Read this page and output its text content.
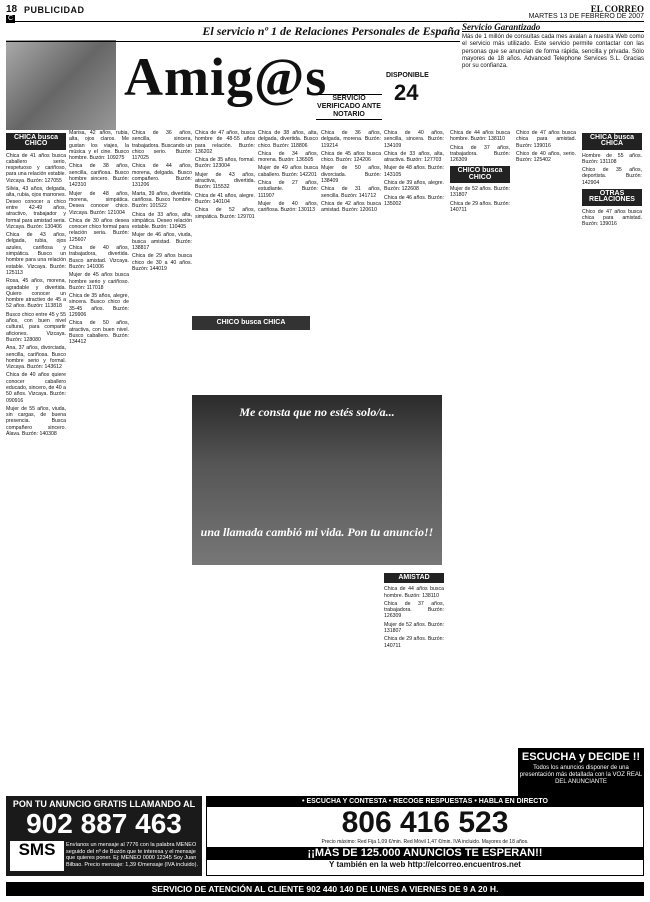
18 PUBLICIDAD
C
EL CORREO
MARTES 13 DE FEBRERO DE 2007
El servicio nº 1 de Relaciones Personales de España
Amig@s SERVICIO VERIFICADO ANTE NOTARIO
DISPONIBLE
24
Servicio Garantizado

Más de 1 millón de consultas cada mes avalan a nuestra Web como el servicio más utilizado. Este servicio permite contactar con las personas que se anuncian de forma rápida, sencilla y privada. Sólo mayores de 18 años. Advanced Telephone Services S.L. Gracias por su confianza.

CHICA busca CHICO

Chica de 41 años busca caballero serio, respetuoso y cariñoso, para una relación estable. Vizcaya. Buzón: 127055

Silvia, 43 años, delgada, alta, rubia, ojos marrones. Deseo conocer a chico entre 42-49 años, atractivo, trabajador y formal para amistad seria. Vizcaya. Buzón: 130406

Chica de 43 años, delgada, rubia, ojos azules, cariñosa y simpática. Busco un hombre para una relación estable. Vizcaya. Buzón: 125113

Rosa, 45 años, morena, agradable y divertida. Quiero conocer un hombre atractivo de 45 a 52 años. Buzón: 113818

Busco chico entre 45 y 55 años, con buen nivel cultural, para compartir aficiones. Vizcaya. Buzón: 128080

Ana, 37 años, divorciada, sencilla, cariñosa. Busco hombre serio y formal. Vizcaya. Buzón: 143612

Chica de 40 años quiere conocer caballero educado, sincero, de 40 a 50 años. Vizcaya. Buzón: 090916

Mujer de 55 años, viuda, sin cargas, de buena presencia. Busca compañero sincero. Álava. Buzón: 140308

Marisa, 42 años, rubia, alta, ojos claros. Me gustan los viajes, la música y el cine. Busco hombre. Buzón: 109275

Chica de 38 años, sencilla, cariñosa. Busco hombre sincero. Buzón: 142310

Mujer de 48 años, morena, simpática. Desea conocer chico. Vizcaya. Buzón: 121004

Chica de 30 años desea conocer chico formal para relación seria. Buzón: 125607

Chica de 40 años, trabajadora, divertida. Busco amistad. Vizcaya. Buzón: 141006

Mujer de 45 años busca hombre serio y cariñoso. Buzón: 117018

Chica de 35 años, alegre, sincera. Busco chico de 35-45 años. Buzón: 129906

Chica de 50 años, atractiva, con buen nivel. Busco caballero. Buzón: 134412

Chica de 36 años, sencilla, sincera, trabajadora. Buscando un chico serio. Buzón: 117025

Chica de 44 años, morena, delgada. Busco compañero. Buzón: 131206

Marta, 39 años, divertida, cariñosa. Busco hombre. Buzón: 101522

Chica de 33 años, alta, simpática. Deseo relación estable. Buzón: 110405

Mujer de 46 años, viuda, busca amistad. Buzón: 138817

Chica de 29 años busca chico de 30 a 40 años. Buzón: 144019

Chica de 47 años, busca hombre de 48-55 años para relación. Buzón: 136202

Chica de 35 años, formal. Buzón: 123004

Mujer de 43 años, atractiva, divertida. Buzón: 115532

Chica de 41 años, alegre. Buzón: 140104

Chica de 52 años, simpática. Buzón: 129701

Chica de 38 años, alta, delgada, divertida. Busco chico. Buzón: 118806

Chica de 34 años, morena. Buzón: 136505

Mujer de 49 años busca caballero. Buzón: 142201

Chica de 27 años, estudiante. Buzón: 111907

Mujer de 40 años, cariñosa. Buzón: 130113

Chica de 36 años, delgada, morena. Buzón: 119214

Chica de 45 años busca chico. Buzón: 124206

Mujer de 50 años, divorciada. Buzón: 138409

Chica de 31 años, sencilla. Buzón: 141712

Chica de 42 años busca amistad. Buzón: 120610

Chica de 40 años, sencilla, sincera. Buzón: 134109

Chica de 33 años, alta, atractiva. Buzón: 127703

Mujer de 48 años. Buzón: 143105

Chica de 39 años, alegre. Buzón: 122608

Chica de 46 años. Buzón: 135002

AMISTAD

Chica de 44 años busca hombre. Buzón: 138110

Chica de 37 años, trabajadora. Buzón: 126309

Mujer de 52 años. Buzón: 131807

Chica de 29 años. Buzón: 140711

Chica de 44 años busca hombre. Buzón: 138110

Chica de 37 años, trabajadora. Buzón: 126309

CHICO busca CHICO

Mujer de 52 años. Buzón: 131807

Chica de 29 años. Buzón: 140711

Chico de 47 años busca chica para amistad. Buzón: 139016

Chico de 40 años, serio. Buzón: 125402

CHICA busca CHICA

Hombre de 55 años. Buzón: 131108

Chico de 35 años, deportista. Buzón: 142904

OTRAS RELACIONES

Chico de 47 años busca chica para amistad. Buzón: 139016

CHICO busca CHICA
Me consta que no estés solo/a...
una llamada cambió mi vida. Pon tu anuncio!!
ESCUCHA y DECIDE !!
Todos los anuncios disponer de una presentación más detallada con la VOZ REAL DEL ANUNCIANTE
PON TU ANUNCIO GRATIS LLAMANDO AL
902 887 463
SMS	Envíanos un mensaje al 7776 con la palabra MENEO seguido del nº de Buzón que te interesa y el mensaje que quieres poner. Ej: MENEO 0000 12345 Soy Juan Bilbao. Precio mensaje: 1,39 €/mensaje (IVA incluido).
• ESCUCHA Y CONTESTA • RECOGE RESPUESTAS • HABLA EN DIRECTO
806 416 523
Precio máximo: Red Fija 1,09 €/min. Red Móvil 1,47 €/min. IVA incluido. Mayores de 18 años.
¡¡MÁS DE 125.000 ANUNCIOS TE ESPERAN!!
Y también en la web http://elcorreo.encuentros.net
SERVICIO DE ATENCIÓN AL CLIENTE 902 440 140 DE LUNES A VIERNES DE 9 A 20 H.
